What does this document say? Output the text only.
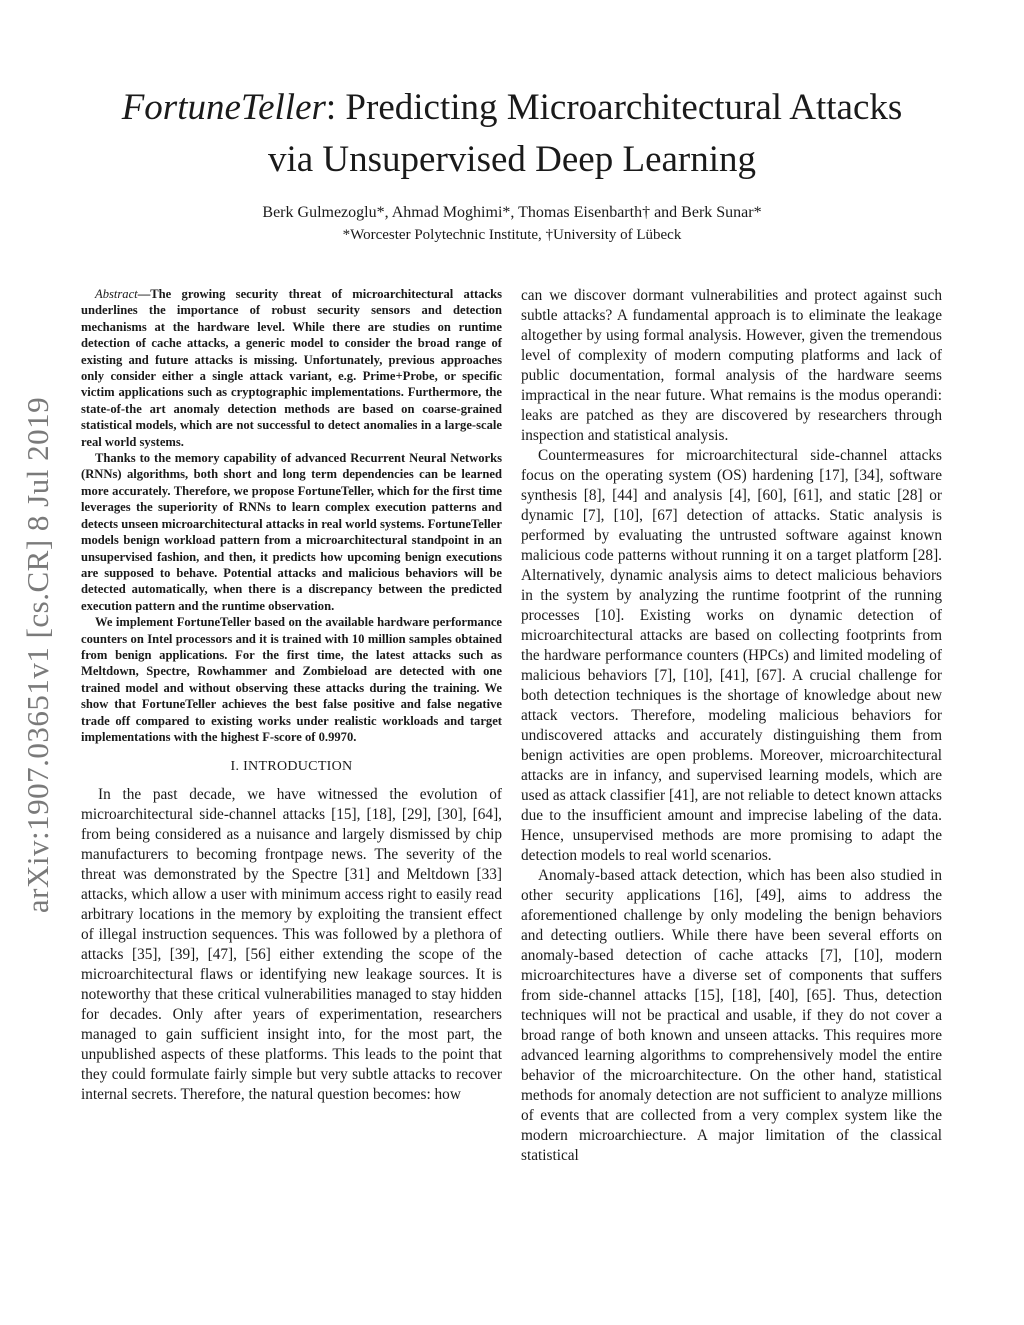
FortuneTeller: Predicting Microarchitectural Attacks
via Unsupervised Deep Learning
Berk Gulmezoglu*, Ahmad Moghimi*, Thomas Eisenbarth† and Berk Sunar*
*Worcester Polytechnic Institute, †University of Lübeck
arXiv:1907.03651v1 [cs.CR] 8 Jul 2019

Abstract—The growing security threat of microarchitectural attacks underlines the importance of robust security sensors and detection mechanisms at the hardware level. While there are studies on runtime detection of cache attacks, a generic model to consider the broad range of existing and future attacks is missing. Unfortunately, previous approaches only consider either a single attack variant, e.g. Prime+Probe, or specific victim applications such as cryptographic implementations. Furthermore, the state-of-the art anomaly detection methods are based on coarse-grained statistical models, which are not successful to detect anomalies in a large-scale real world systems.

Thanks to the memory capability of advanced Recurrent Neural Networks (RNNs) algorithms, both short and long term dependencies can be learned more accurately. Therefore, we propose FortuneTeller, which for the first time leverages the superiority of RNNs to learn complex execution patterns and detects unseen microarchitectural attacks in real world systems. FortuneTeller models benign workload pattern from a microarchitectural standpoint in an unsupervised fashion, and then, it predicts how upcoming benign executions are supposed to behave. Potential attacks and malicious behaviors will be detected automatically, when there is a discrepancy between the predicted execution pattern and the runtime observation.

We implement FortuneTeller based on the available hardware performance counters on Intel processors and it is trained with 10 million samples obtained from benign applications. For the first time, the latest attacks such as Meltdown, Spectre, Rowhammer and Zombieload are detected with one trained model and without observing these attacks during the training. We show that FortuneTeller achieves the best false positive and false negative trade off compared to existing works under realistic workloads and target implementations with the highest F-score of 0.9970.

I. INTRODUCTION

In the past decade, we have witnessed the evolution of microarchitectural side-channel attacks [15], [18], [29], [30], [64], from being considered as a nuisance and largely dismissed by chip manufacturers to becoming frontpage news. The severity of the threat was demonstrated by the Spectre [31] and Meltdown [33] attacks, which allow a user with minimum access right to easily read arbitrary locations in the memory by exploiting the transient effect of illegal instruction sequences. This was followed by a plethora of attacks [35], [39], [47], [56] either extending the scope of the microarchitectural flaws or identifying new leakage sources. It is noteworthy that these critical vulnerabilities managed to stay hidden for decades. Only after years of experimentation, researchers managed to gain sufficient insight into, for the most part, the unpublished aspects of these platforms. This leads to the point that they could formulate fairly simple but very subtle attacks to recover internal secrets. Therefore, the natural question becomes: how

can we discover dormant vulnerabilities and protect against such subtle attacks? A fundamental approach is to eliminate the leakage altogether by using formal analysis. However, given the tremendous level of complexity of modern computing platforms and lack of public documentation, formal analysis of the hardware seems impractical in the near future. What remains is the modus operandi: leaks are patched as they are discovered by researchers through inspection and statistical analysis.

Countermeasures for microarchitectural side-channel attacks focus on the operating system (OS) hardening [17], [34], software synthesis [8], [44] and analysis [4], [60], [61], and static [28] or dynamic [7], [10], [67] detection of attacks. Static analysis is performed by evaluating the untrusted software against known malicious code patterns without running it on a target platform [28]. Alternatively, dynamic analysis aims to detect malicious behaviors in the system by analyzing the runtime footprint of the running processes [10]. Existing works on dynamic detection of microarchitectural attacks are based on collecting footprints from the hardware performance counters (HPCs) and limited modeling of malicious behaviors [7], [10], [41], [67]. A crucial challenge for both detection techniques is the shortage of knowledge about new attack vectors. Therefore, modeling malicious behaviors for undiscovered attacks and accurately distinguishing them from benign activities are open problems. Moreover, microarchitectural attacks are in infancy, and supervised learning models, which are used as attack classifier [41], are not reliable to detect known attacks due to the insufficient amount and imprecise labeling of the data. Hence, unsupervised methods are more promising to adapt the detection models to real world scenarios.

Anomaly-based attack detection, which has been also studied in other security applications [16], [49], aims to address the aforementioned challenge by only modeling the benign behaviors and detecting outliers. While there have been several efforts on anomaly-based detection of cache attacks [7], [10], modern microarchitectures have a diverse set of components that suffers from side-channel attacks [15], [18], [40], [65]. Thus, detection techniques will not be practical and usable, if they do not cover a broad range of both known and unseen attacks. This requires more advanced learning algorithms to comprehensively model the entire behavior of the microarchitecture. On the other hand, statistical methods for anomaly detection are not sufficient to analyze millions of events that are collected from a very complex system like the modern microarchiecture. A major limitation of the classical statistical
